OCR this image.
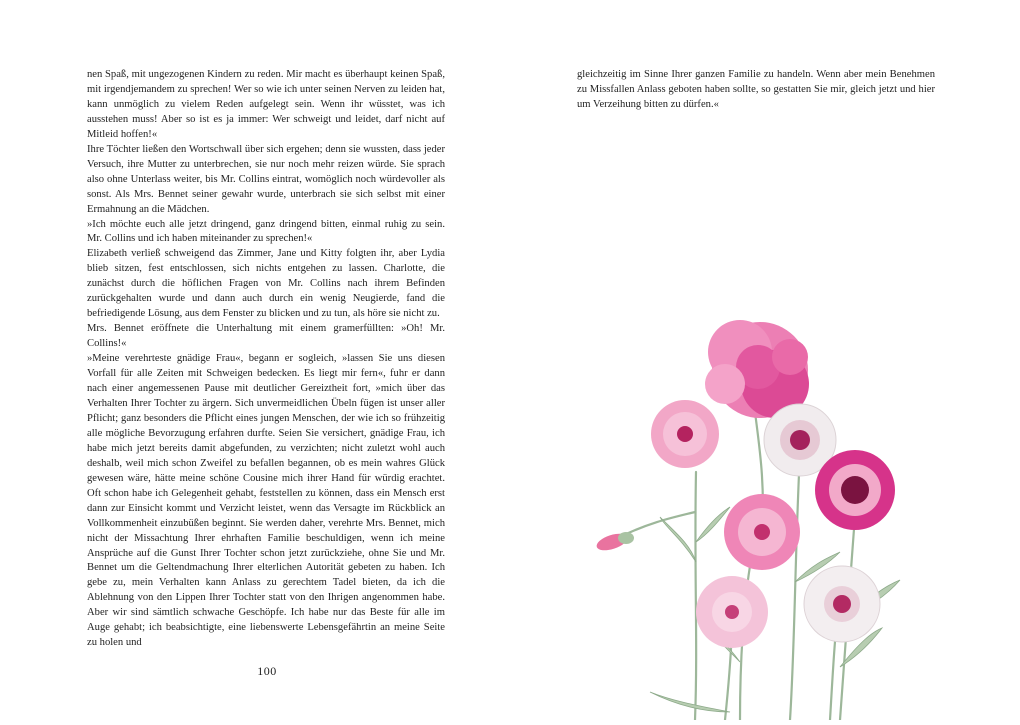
nen Spaß, mit ungezogenen Kindern zu reden. Mir macht es überhaupt keinen Spaß, mit irgendjemandem zu sprechen! Wer so wie ich unter seinen Nerven zu leiden hat, kann unmöglich zu vielem Reden aufgelegt sein. Wenn ihr wüsstet, was ich ausstehen muss! Aber so ist es ja immer: Wer schweigt und leidet, darf nicht auf Mitleid hoffen!«

Ihre Töchter ließen den Wortschwall über sich ergehen; denn sie wussten, dass jeder Versuch, ihre Mutter zu unterbrechen, sie nur noch mehr reizen würde. Sie sprach also ohne Unterlass weiter, bis Mr. Collins eintrat, womöglich noch würdevoller als sonst. Als Mrs. Bennet seiner gewahr wurde, unterbrach sie sich selbst mit einer Ermahnung an die Mädchen.

»Ich möchte euch alle jetzt dringend, ganz dringend bitten, einmal ruhig zu sein. Mr. Collins und ich haben miteinander zu sprechen!«

Elizabeth verließ schweigend das Zimmer, Jane und Kitty folgten ihr, aber Lydia blieb sitzen, fest entschlossen, sich nichts entgehen zu lassen. Charlotte, die zunächst durch die höflichen Fragen von Mr. Collins nach ihrem Befinden zurückgehalten wurde und dann auch durch ein wenig Neugierde, fand die befriedigende Lösung, aus dem Fenster zu blicken und zu tun, als höre sie nicht zu.

Mrs. Bennet eröffnete die Unterhaltung mit einem gramerfüllten: »Oh! Mr. Collins!«

»Meine verehrteste gnädige Frau«, begann er sogleich, »lassen Sie uns diesen Vorfall für alle Zeiten mit Schweigen bedecken. Es liegt mir fern«, fuhr er dann nach einer angemessenen Pause mit deutlicher Gereiztheit fort, »mich über das Verhalten Ihrer Tochter zu ärgern. Sich unvermeidlichen Übeln fügen ist unser aller Pflicht; ganz besonders die Pflicht eines jungen Menschen, der wie ich so frühzeitig alle mögliche Bevorzugung erfahren durfte. Seien Sie versichert, gnädige Frau, ich habe mich jetzt bereits damit abgefunden, zu verzichten; nicht zuletzt wohl auch deshalb, weil mich schon Zweifel zu befallen begannen, ob es mein wahres Glück gewesen wäre, hätte meine schöne Cousine mich ihrer Hand für würdig erachtet. Oft schon habe ich Gelegenheit gehabt, feststellen zu können, dass ein Mensch erst dann zur Einsicht kommt und Verzicht leistet, wenn das Versagte im Rückblick an Vollkommenheit einzubüßen beginnt. Sie werden daher, verehrte Mrs. Bennet, mich nicht der Missachtung Ihrer ehrhaften Familie beschuldigen, wenn ich meine Ansprüche auf die Gunst Ihrer Tochter schon jetzt zurückziehe, ohne Sie und Mr. Bennet um die Geltendmachung Ihrer elterlichen Autorität gebeten zu haben. Ich gebe zu, mein Verhalten kann Anlass zu gerechtem Tadel bieten, da ich die Ablehnung von den Lippen Ihrer Tochter statt von den Ihrigen angenommen habe. Aber wir sind sämtlich schwache Geschöpfe. Ich habe nur das Beste für alle im Auge gehabt; ich beabsichtigte, eine liebenswerte Lebensgefährtin an meine Seite zu holen und

100

gleichzeitig im Sinne Ihrer ganzen Familie zu handeln. Wenn aber mein Benehmen zu Missfallen Anlass geboten haben sollte, so gestatten Sie mir, gleich jetzt und hier um Verzeihung bitten zu dürfen.«
